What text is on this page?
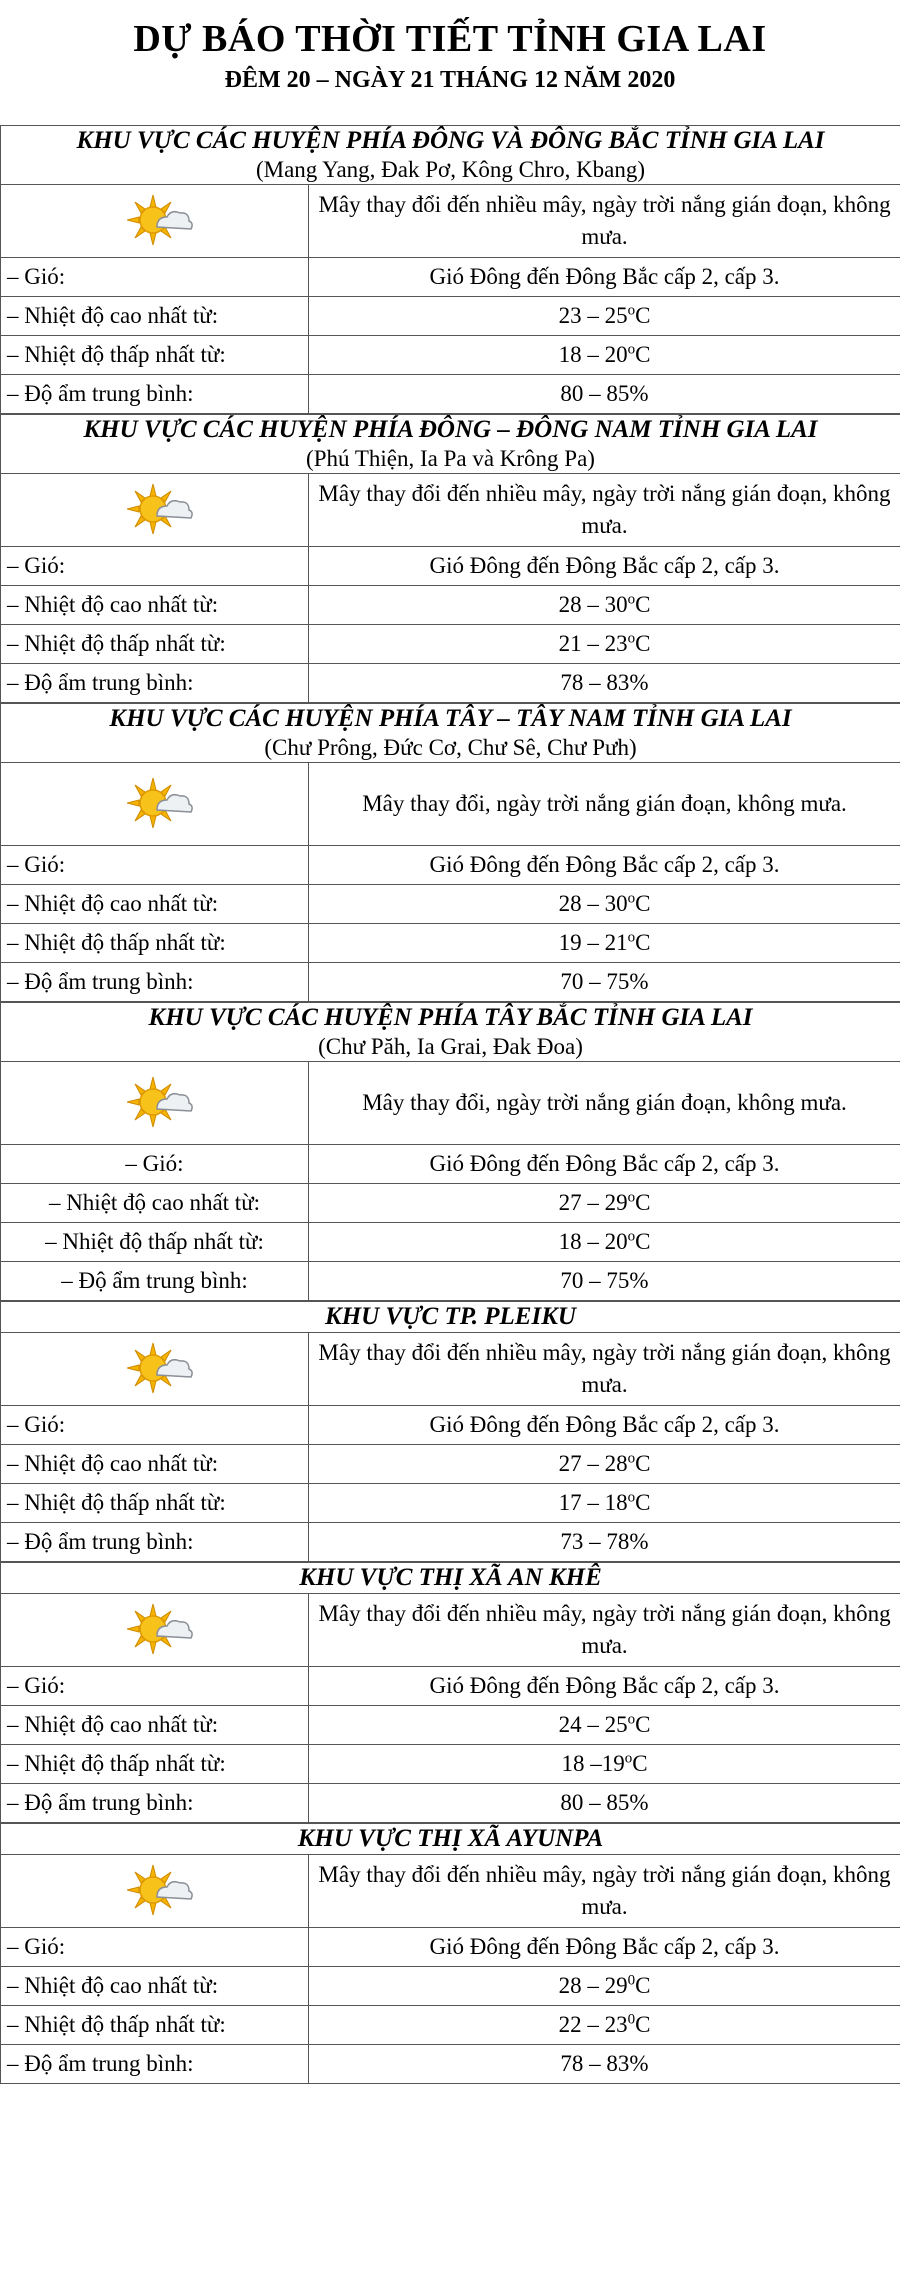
DỰ BÁO THỜI TIẾT TỈNH GIA LAI
ĐÊM 20 – NGÀY 21 THÁNG 12 NĂM 2020
KHU VỰC CÁC HUYỆN PHÍA ĐÔNG VÀ ĐÔNG BẮC TỈNH GIA LAI
(Mang Yang, Đak Pơ, Kông Chro, Kbang)	

	Mây thay đổi đến nhiều mây, ngày trời nắng gián đoạn, không mưa.
– Gió:	Gió Đông đến Đông Bắc cấp 2, cấp 3.
– Nhiệt độ cao nhất từ:	23 – 25$^o$C
– Nhiệt độ thấp nhất từ:	18 – 20$^o$C
– Độ ẩm trung bình:	80 – 85%
KHU VỰC CÁC HUYỆN PHÍA ĐÔNG – ĐÔNG NAM TỈNH GIA LAI
(Phú Thiện, Ia Pa và Krông Pa)	

	Mây thay đổi đến nhiều mây, ngày trời nắng gián đoạn, không mưa.
– Gió:	Gió Đông đến Đông Bắc cấp 2, cấp 3.
– Nhiệt độ cao nhất từ:	28 – 30$^o$C
– Nhiệt độ thấp nhất từ:	21 – 23$^o$C
– Độ ẩm trung bình:	78 – 83%
KHU VỰC CÁC HUYỆN PHÍA TÂY – TÂY NAM TỈNH GIA LAI
(Chư Prông, Đức Cơ, Chư Sê, Chư Pưh)	

	Mây thay đổi, ngày trời nắng gián đoạn, không mưa.
– Gió:	Gió Đông đến Đông Bắc cấp 2, cấp 3.
– Nhiệt độ cao nhất từ:	28 – 30$^o$C
– Nhiệt độ thấp nhất từ:	19 – 21$^o$C
– Độ ẩm trung bình:	70 – 75%
KHU VỰC CÁC HUYỆN PHÍA TÂY BẮC TỈNH GIA LAI
(Chư Păh, Ia Grai, Đak Đoa)	

	Mây thay đổi, ngày trời nắng gián đoạn, không mưa.
– Gió:	Gió Đông đến Đông Bắc cấp 2, cấp 3.
– Nhiệt độ cao nhất từ:	27 – 29$^o$C
– Nhiệt độ thấp nhất từ:	18 – 20$^o$C
– Độ ẩm trung bình:	70 – 75%
KHU VỰC TP. PLEIKU	

	Mây thay đổi đến nhiều mây, ngày trời nắng gián đoạn, không mưa.
– Gió:	Gió Đông đến Đông Bắc cấp 2, cấp 3.
– Nhiệt độ cao nhất từ:	27 – 28$^o$C
– Nhiệt độ thấp nhất từ:	17 – 18$^o$C
– Độ ẩm trung bình:	73 – 78%
KHU VỰC THỊ XÃ AN KHÊ	

	Mây thay đổi đến nhiều mây, ngày trời nắng gián đoạn, không mưa.
– Gió:	Gió Đông đến Đông Bắc cấp 2, cấp 3.
– Nhiệt độ cao nhất từ:	24 – 25$^o$C
– Nhiệt độ thấp nhất từ:	18 –19$^o$C
– Độ ẩm trung bình:	80 – 85%
KHU VỰC THỊ XÃ AYUNPA	

	Mây thay đổi đến nhiều mây, ngày trời nắng gián đoạn, không mưa.
– Gió:	Gió Đông đến Đông Bắc cấp 2, cấp 3.
– Nhiệt độ cao nhất từ:	$28 - 29^0C$
– Nhiệt độ thấp nhất từ:	$22 - 23^0C$
– Độ ẩm trung bình:	78 – 83%
